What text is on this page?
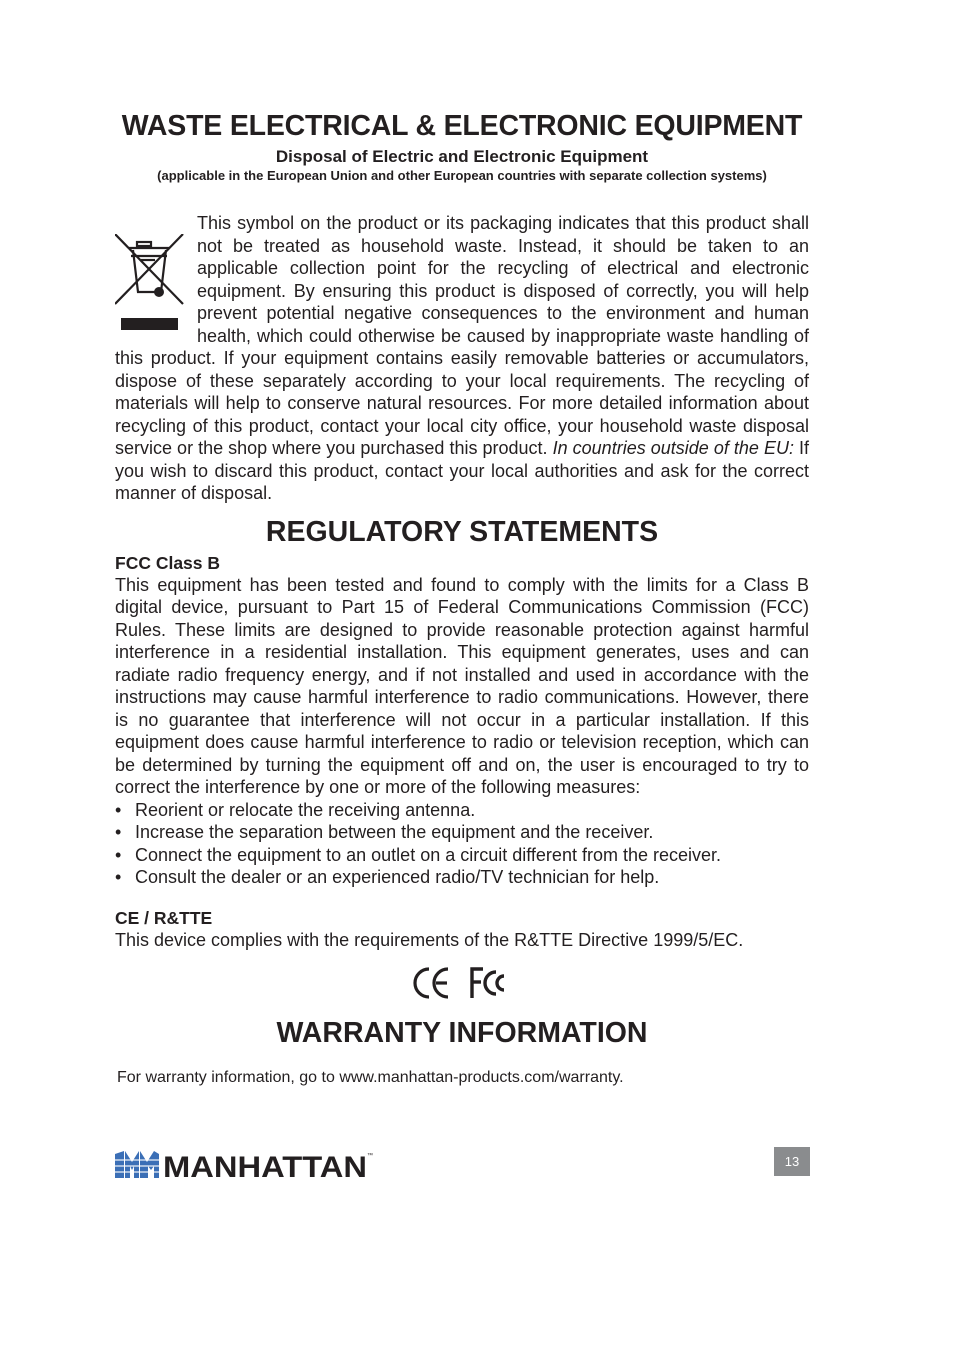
WASTE ELECTRICAL & ELECTRONIC EQUIPMENT
Disposal of Electric and Electronic Equipment
(applicable in the European Union and other European countries with separate collection systems)

This symbol on the product or its packaging indicates that this product shall not be treated as household waste. Instead, it should be taken to an applicable collection point for the recycling of electrical and electronic equipment. By ensuring this product is disposed of correctly, you will help prevent potential negative consequences to the environment and human health, which could otherwise be caused by inappropriate waste handling of this product. If your equipment contains easily removable batteries or accumulators, dispose of these separately according to your local requirements. The recycling of materials will help to conserve natural resources. For more detailed information about recycling of this product, contact your local city office, your household waste disposal service or the shop where you purchased this product. In countries outside of the EU: If you wish to discard this product, contact your local authorities and ask for the correct manner of disposal.

REGULATORY STATEMENTS
FCC Class B

This equipment has been tested and found to comply with the limits for a Class B digital device, pursuant to Part 15 of Federal Communications Commission (FCC) Rules. These limits are designed to provide reasonable protection against harmful interference in a residential installation. This equipment generates, uses and can radiate radio frequency energy, and if not installed and used in accordance with the instructions may cause harmful interference to radio communications. However, there is no guarantee that interference will not occur in a particular installation. If this equipment does cause harmful interference to radio or television reception, which can be determined by turning the equipment off and on, the user is encouraged to try to correct the interference by one or more of the following measures:

• Reorient or relocate the receiving antenna.
• Increase the separation between the equipment and the receiver.
• Connect the equipment to an outlet on a circuit different from the receiver.
• Consult the dealer or an experienced radio/TV technician for help.
CE / R&TTE

This device complies with the requirements of the R&TTE Directive 1999/5/EC.

WARRANTY INFORMATION

For warranty information, go to www.manhattan-products.com/warranty.

MANHATTAN ™	13
